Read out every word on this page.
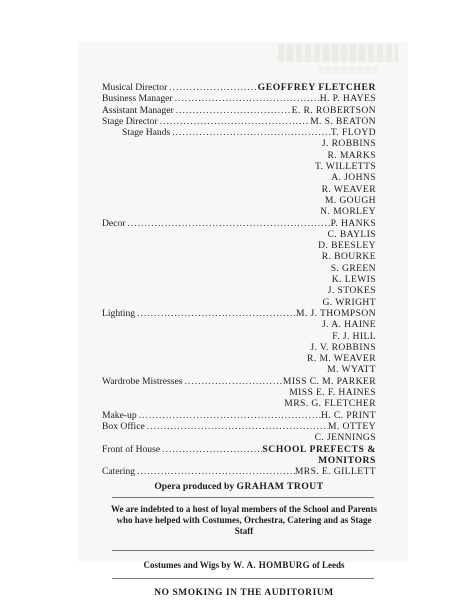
Musical Director .....	GEOFFREY FLETCHER
Business Manager .....	H. P. HAYES
Assistant Manager .....	E. R. ROBERTSON
Stage Director .....	M. S. BEATON
Stage Hands .....	T. FLOYD
J. ROBBINS
R. MARKS
T. WILLETTS
A. JOHNS
R. WEAVER
M. GOUGH
N. MORLEY
Decor .....	P. HANKS
C. BAYLIS
D. BEESLEY
R. BOURKE
S. GREEN
K. LEWIS
J. STOKES
G. WRIGHT
Lighting .....	M. J. THOMPSON
J. A. HAINE
F. J. HILL
J. V. ROBBINS
R. M. WEAVER
M. WYATT
Wardrobe Mistresses .....	MISS C. M. PARKER
MISS E. F. HAINES
MRS. G. FLETCHER
Make-up .....	H. C. PRINT
Box Office .....	M. OTTEY
C. JENNINGS
Front of House .....	SCHOOL PREFECTS &
MONITORS
Catering .....	MRS. E. GILLETT
Opera produced by GRAHAM TROUT
We are indebted to a host of loyal members of the School and Parents who have helped with Costumes, Orchestra, Catering and as Stage Staff
Costumes and Wigs by W. A. HOMBURG of Leeds
NO SMOKING IN THE AUDITORIUM
